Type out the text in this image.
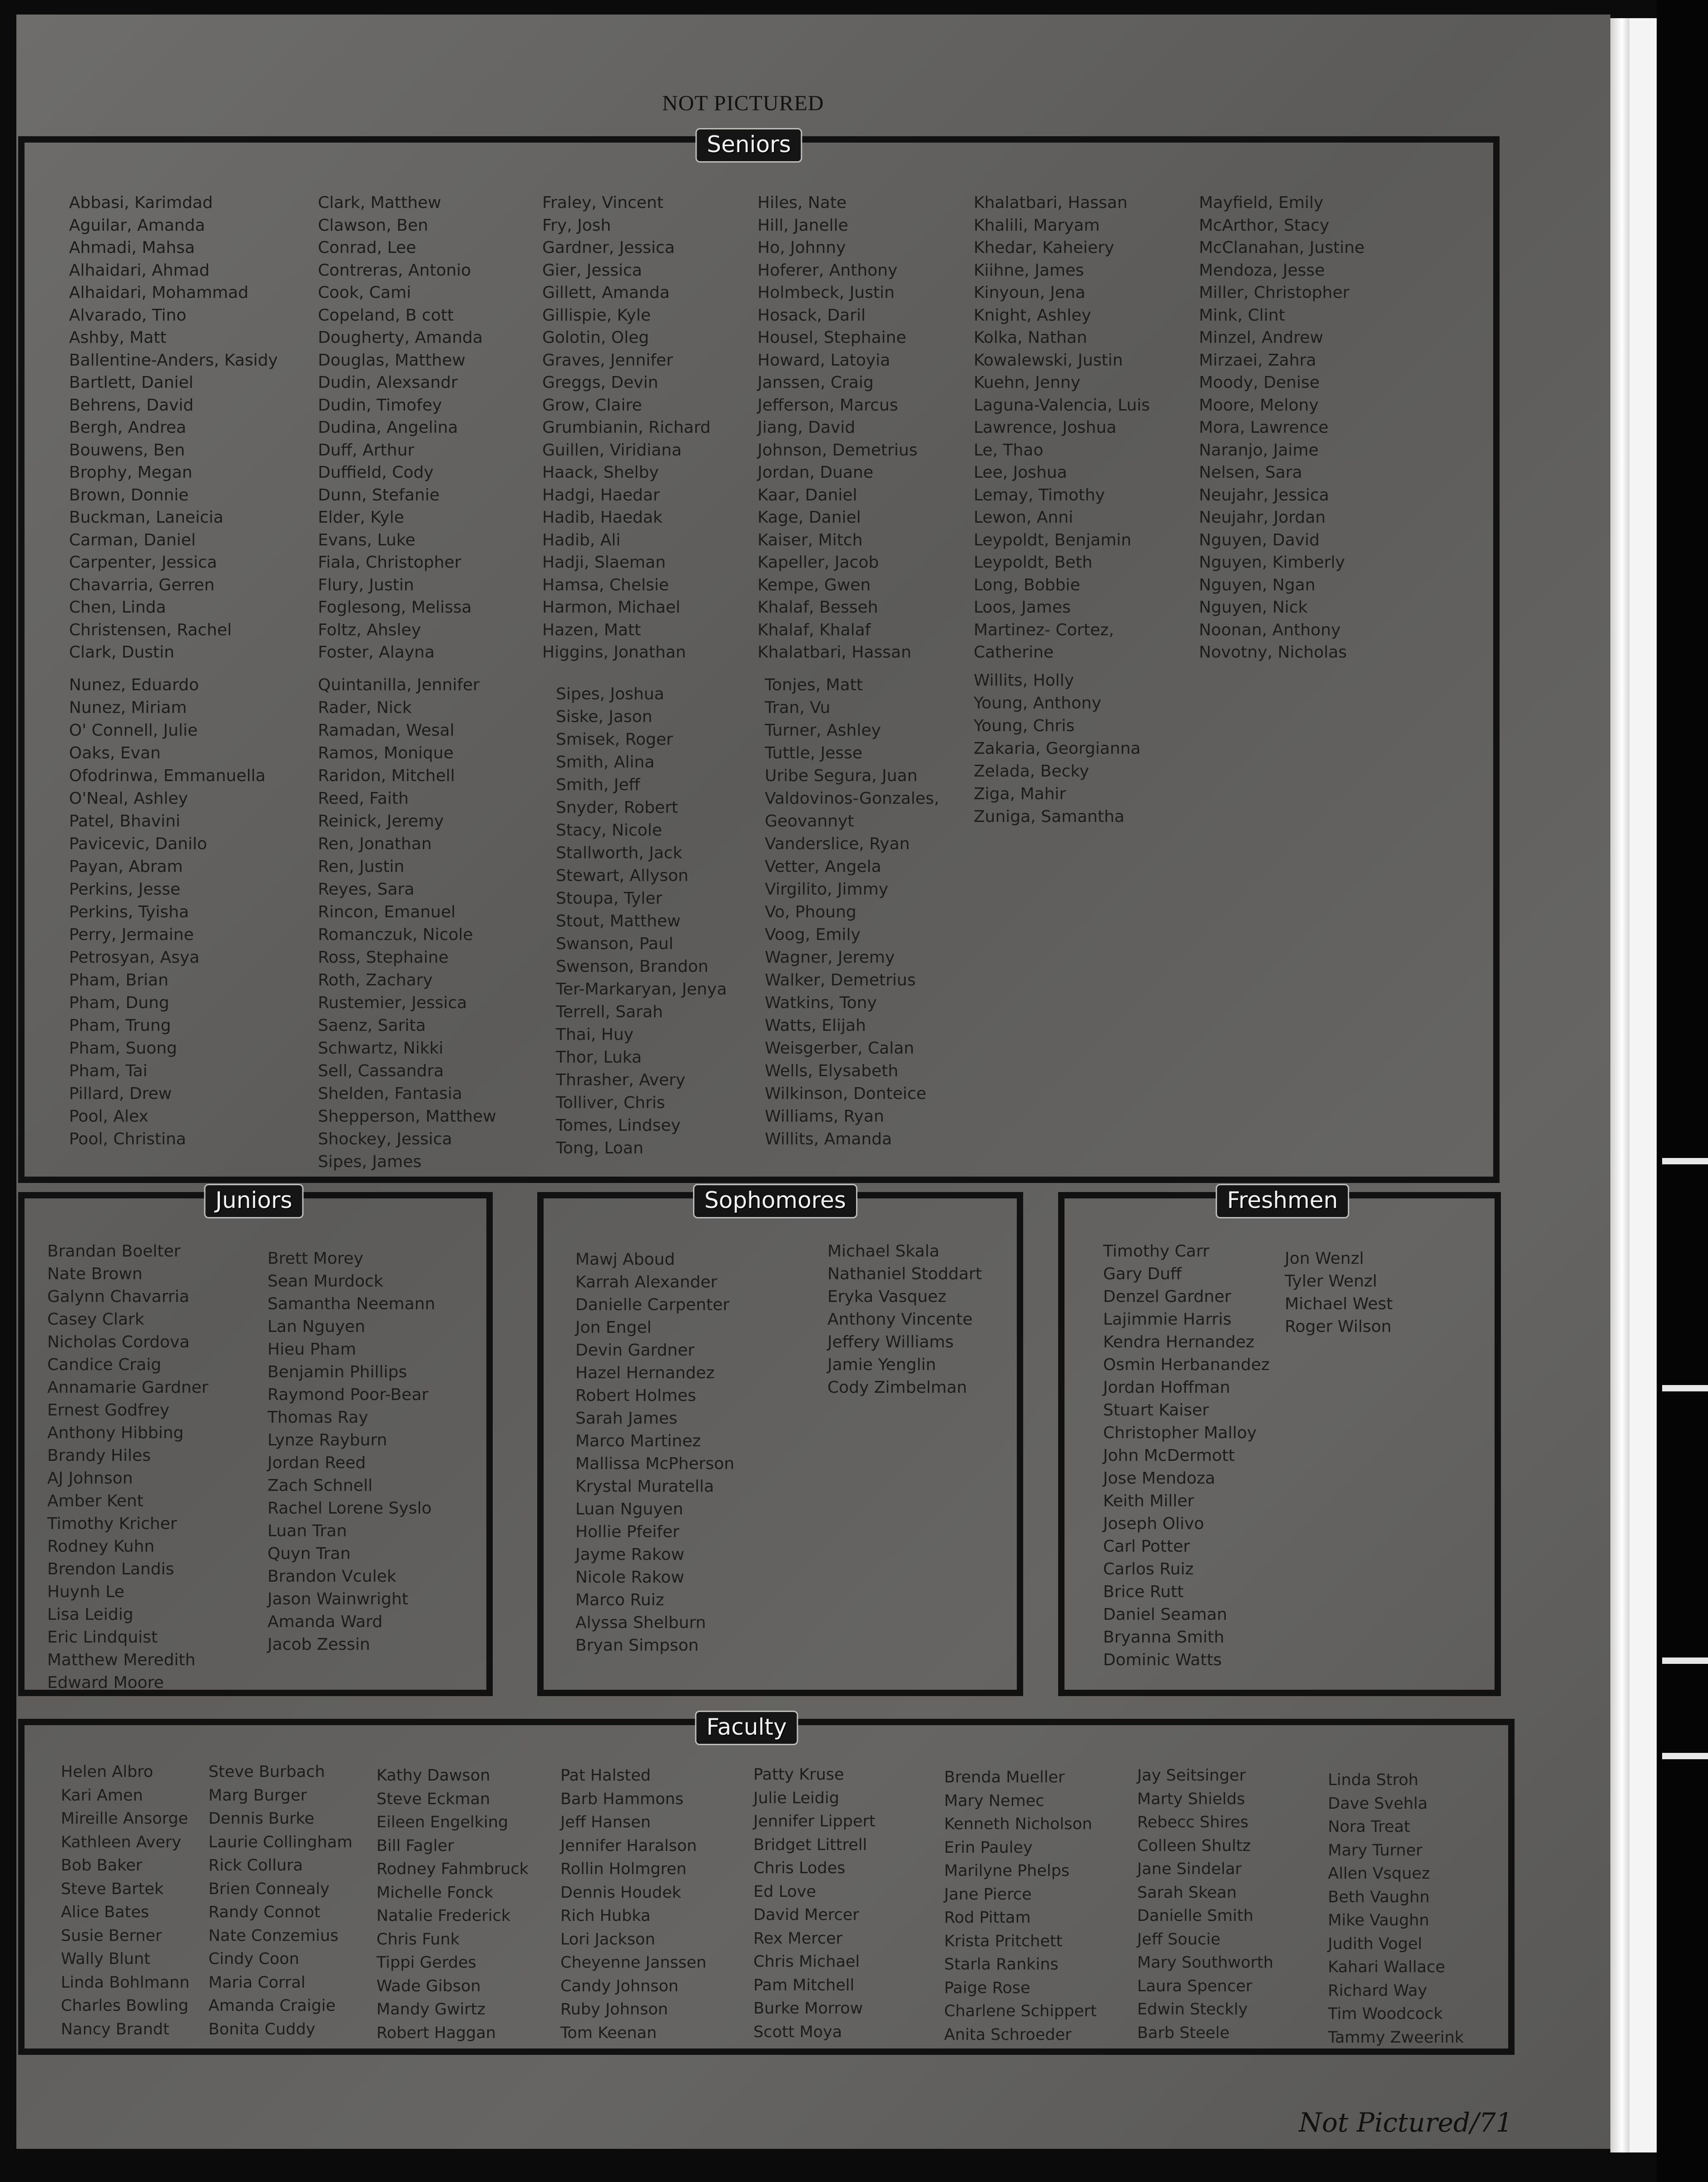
NOT PICTURED
Seniors
Abbasi, Karimdad
Aguilar, Amanda
Ahmadi, Mahsa
Alhaidari, Ahmad
Alhaidari, Mohammad
Alvarado, Tino
Ashby, Matt
Ballentine-Anders, Kasidy
Bartlett, Daniel
Behrens, David
Bergh, Andrea
Bouwens, Ben
Brophy, Megan
Brown, Donnie
Buckman, Laneicia
Carman, Daniel
Carpenter, Jessica
Chavarria, Gerren
Chen, Linda
Christensen, Rachel
Clark, Dustin
Clark, Matthew
Clawson, Ben
Conrad, Lee
Contreras, Antonio
Cook, Cami
Copeland, B cott
Dougherty, Amanda
Douglas, Matthew
Dudin, Alexsandr
Dudin, Timofey
Dudina, Angelina
Duff, Arthur
Duffield, Cody
Dunn, Stefanie
Elder, Kyle
Evans, Luke
Fiala, Christopher
Flury, Justin
Foglesong, Melissa
Foltz, Ahsley
Foster, Alayna
Fraley, Vincent
Fry, Josh
Gardner, Jessica
Gier, Jessica
Gillett, Amanda
Gillispie, Kyle
Golotin, Oleg
Graves, Jennifer
Greggs, Devin
Grow, Claire
Grumbianin, Richard
Guillen, Viridiana
Haack, Shelby
Hadgi, Haedar
Hadib, Haedak
Hadib, Ali
Hadji, Slaeman
Hamsa, Chelsie
Harmon, Michael
Hazen, Matt
Higgins, Jonathan
Hiles, Nate
Hill, Janelle
Ho, Johnny
Hoferer, Anthony
Holmbeck, Justin
Hosack, Daril
Housel, Stephaine
Howard, Latoyia
Janssen, Craig
Jefferson, Marcus
Jiang, David
Johnson, Demetrius
Jordan, Duane
Kaar, Daniel
Kage, Daniel
Kaiser, Mitch
Kapeller, Jacob
Kempe, Gwen
Khalaf, Besseh
Khalaf, Khalaf
Khalatbari, Hassan
Khalatbari, Hassan
Khalili, Maryam
Khedar, Kaheiery
Kiihne, James
Kinyoun, Jena
Knight, Ashley
Kolka, Nathan
Kowalewski, Justin
Kuehn, Jenny
Laguna-Valencia, Luis
Lawrence, Joshua
Le, Thao
Lee, Joshua
Lemay, Timothy
Lewon, Anni
Leypoldt, Benjamin
Leypoldt, Beth
Long, Bobbie
Loos, James
Martinez- Cortez,
Catherine
Mayfield, Emily
McArthor, Stacy
McClanahan, Justine
Mendoza, Jesse
Miller, Christopher
Mink, Clint
Minzel, Andrew
Mirzaei, Zahra
Moody, Denise
Moore, Melony
Mora, Lawrence
Naranjo, Jaime
Nelsen, Sara
Neujahr, Jessica
Neujahr, Jordan
Nguyen, David
Nguyen, Kimberly
Nguyen, Ngan
Nguyen, Nick
Noonan, Anthony
Novotny, Nicholas
Nunez, Eduardo
Nunez, Miriam
O' Connell, Julie
Oaks, Evan
Ofodrinwa, Emmanuella
O'Neal, Ashley
Patel, Bhavini
Pavicevic, Danilo
Payan, Abram
Perkins, Jesse
Perkins, Tyisha
Perry, Jermaine
Petrosyan, Asya
Pham, Brian
Pham, Dung
Pham, Trung
Pham, Suong
Pham, Tai
Pillard, Drew
Pool, Alex
Pool, Christina
Quintanilla, Jennifer
Rader, Nick
Ramadan, Wesal
Ramos, Monique
Raridon, Mitchell
Reed, Faith
Reinick, Jeremy
Ren, Jonathan
Ren, Justin
Reyes, Sara
Rincon, Emanuel
Romanczuk, Nicole
Ross, Stephaine
Roth, Zachary
Rustemier, Jessica
Saenz, Sarita
Schwartz, Nikki
Sell, Cassandra
Shelden, Fantasia
Shepperson, Matthew
Shockey, Jessica
Sipes, James
Sipes, Joshua
Siske, Jason
Smisek, Roger
Smith, Alina
Smith, Jeff
Snyder, Robert
Stacy, Nicole
Stallworth, Jack
Stewart, Allyson
Stoupa, Tyler
Stout, Matthew
Swanson, Paul
Swenson, Brandon
Ter-Markaryan, Jenya
Terrell, Sarah
Thai, Huy
Thor, Luka
Thrasher, Avery
Tolliver, Chris
Tomes, Lindsey
Tong, Loan
Tonjes, Matt
Tran, Vu
Turner, Ashley
Tuttle, Jesse
Uribe Segura, Juan
Valdovinos-Gonzales,
Geovannyt
Vanderslice, Ryan
Vetter, Angela
Virgilito, Jimmy
Vo, Phoung
Voog, Emily
Wagner, Jeremy
Walker, Demetrius
Watkins, Tony
Watts, Elijah
Weisgerber, Calan
Wells, Elysabeth
Wilkinson, Donteice
Williams, Ryan
Willits, Amanda
Willits, Holly
Young, Anthony
Young, Chris
Zakaria, Georgianna
Zelada, Becky
Ziga, Mahir
Zuniga, Samantha
Juniors
Brandan Boelter
Nate Brown
Galynn Chavarria
Casey Clark
Nicholas Cordova
Candice Craig
Annamarie Gardner
Ernest Godfrey
Anthony Hibbing
Brandy Hiles
AJ Johnson
Amber Kent
Timothy Kricher
Rodney Kuhn
Brendon Landis
Huynh Le
Lisa Leidig
Eric Lindquist
Matthew Meredith
Edward Moore
Brett Morey
Sean Murdock
Samantha Neemann
Lan Nguyen
Hieu Pham
Benjamin Phillips
Raymond Poor-Bear
Thomas Ray
Lynze Rayburn
Jordan Reed
Zach Schnell
Rachel Lorene Syslo
Luan Tran
Quyn Tran
Brandon Vculek
Jason Wainwright
Amanda Ward
Jacob Zessin
Sophomores
Mawj Aboud
Karrah Alexander
Danielle Carpenter
Jon Engel
Devin Gardner
Hazel Hernandez
Robert Holmes
Sarah James
Marco Martinez
Mallissa McPherson
Krystal Muratella
Luan Nguyen
Hollie Pfeifer
Jayme Rakow
Nicole Rakow
Marco Ruiz
Alyssa Shelburn
Bryan Simpson
Michael Skala
Nathaniel Stoddart
Eryka Vasquez
Anthony Vincente
Jeffery Williams
Jamie Yenglin
Cody Zimbelman
Freshmen
Timothy Carr
Gary Duff
Denzel Gardner
Lajimmie Harris
Kendra Hernandez
Osmin Herbanandez
Jordan Hoffman
Stuart Kaiser
Christopher Malloy
John McDermott
Jose Mendoza
Keith Miller
Joseph Olivo
Carl Potter
Carlos Ruiz
Brice Rutt
Daniel Seaman
Bryanna Smith
Dominic Watts
Jon Wenzl
Tyler Wenzl
Michael West
Roger Wilson
Faculty
Helen Albro
Kari Amen
Mireille Ansorge
Kathleen Avery
Bob Baker
Steve Bartek
Alice Bates
Susie Berner
Wally Blunt
Linda Bohlmann
Charles Bowling
Nancy Brandt
Steve Burbach
Marg Burger
Dennis Burke
Laurie Collingham
Rick Collura
Brien Connealy
Randy Connot
Nate Conzemius
Cindy Coon
Maria Corral
Amanda Craigie
Bonita Cuddy
Kathy Dawson
Steve Eckman
Eileen Engelking
Bill Fagler
Rodney Fahmbruck
Michelle Fonck
Natalie Frederick
Chris Funk
Tippi Gerdes
Wade Gibson
Mandy Gwirtz
Robert Haggan
Pat Halsted
Barb Hammons
Jeff Hansen
Jennifer Haralson
Rollin Holmgren
Dennis Houdek
Rich Hubka
Lori Jackson
Cheyenne Janssen
Candy Johnson
Ruby Johnson
Tom Keenan
Patty Kruse
Julie Leidig
Jennifer Lippert
Bridget Littrell
Chris Lodes
Ed Love
David Mercer
Rex Mercer
Chris Michael
Pam Mitchell
Burke Morrow
Scott Moya
Brenda Mueller
Mary Nemec
Kenneth Nicholson
Erin Pauley
Marilyne Phelps
Jane Pierce
Rod Pittam
Krista Pritchett
Starla Rankins
Paige Rose
Charlene Schippert
Anita Schroeder
Jay Seitsinger
Marty Shields
Rebecc Shires
Colleen Shultz
Jane Sindelar
Sarah Skean
Danielle Smith
Jeff Soucie
Mary Southworth
Laura Spencer
Edwin Steckly
Barb Steele
Linda Stroh
Dave Svehla
Nora Treat
Mary Turner
Allen Vsquez
Beth Vaughn
Mike Vaughn
Judith Vogel
Kahari Wallace
Richard Way
Tim Woodcock
Tammy Zweerink
Not Pictured/71
